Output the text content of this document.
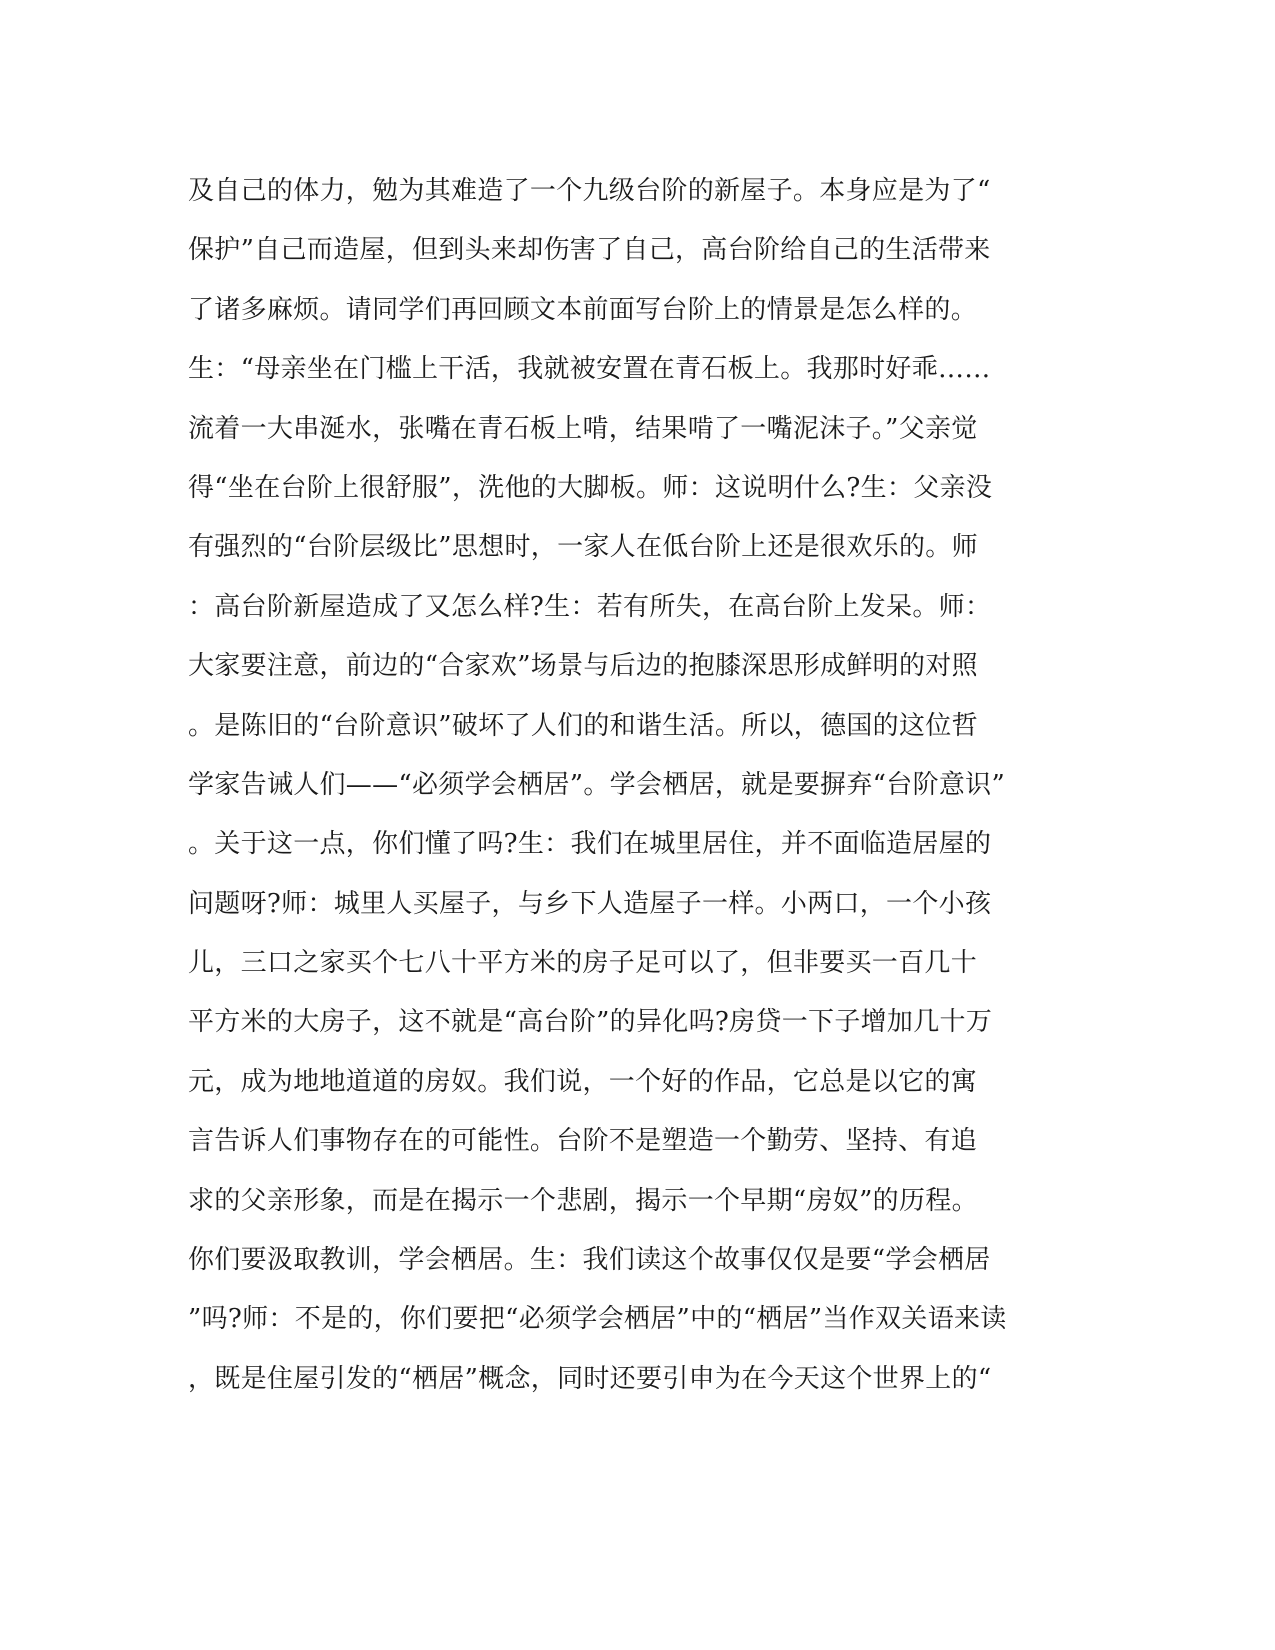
及自己的体力，勉为其难造了一个九级台阶的新屋子。本身应是为了“
保护”自己而造屋，但到头来却伤害了自己，高台阶给自己的生活带来
了诸多麻烦。请同学们再回顾文本前面写台阶上的情景是怎么样的。
生：“母亲坐在门槛上干活，我就被安置在青石板上。我那时好乖……
流着一大串涎水，张嘴在青石板上啃，结果啃了一嘴泥沫子。”父亲觉
得“坐在台阶上很舒服”，洗他的大脚板。师：这说明什么?生：父亲没
有强烈的“台阶层级比”思想时，一家人在低台阶上还是很欢乐的。师
：高台阶新屋造成了又怎么样?生：若有所失，在高台阶上发呆。师：
大家要注意，前边的“合家欢”场景与后边的抱膝深思形成鲜明的对照
。是陈旧的“台阶意识”破坏了人们的和谐生活。所以，德国的这位哲
学家告诫人们——“必须学会栖居”。学会栖居，就是要摒弃“台阶意识”
。关于这一点，你们懂了吗?生：我们在城里居住，并不面临造居屋的
问题呀?师：城里人买屋子，与乡下人造屋子一样。小两口，一个小孩
儿，三口之家买个七八十平方米的房子足可以了，但非要买一百几十
平方米的大房子，这不就是“高台阶”的异化吗?房贷一下子增加几十万
元，成为地地道道的房奴。我们说，一个好的作品，它总是以它的寓
言告诉人们事物存在的可能性。台阶不是塑造一个勤劳、坚持、有追
求的父亲形象，而是在揭示一个悲剧，揭示一个早期“房奴”的历程。
你们要汲取教训，学会栖居。生：我们读这个故事仅仅是要“学会栖居
”吗?师：不是的，你们要把“必须学会栖居”中的“栖居”当作双关语来读
，既是住屋引发的“栖居”概念，同时还要引申为在今天这个世界上的“
